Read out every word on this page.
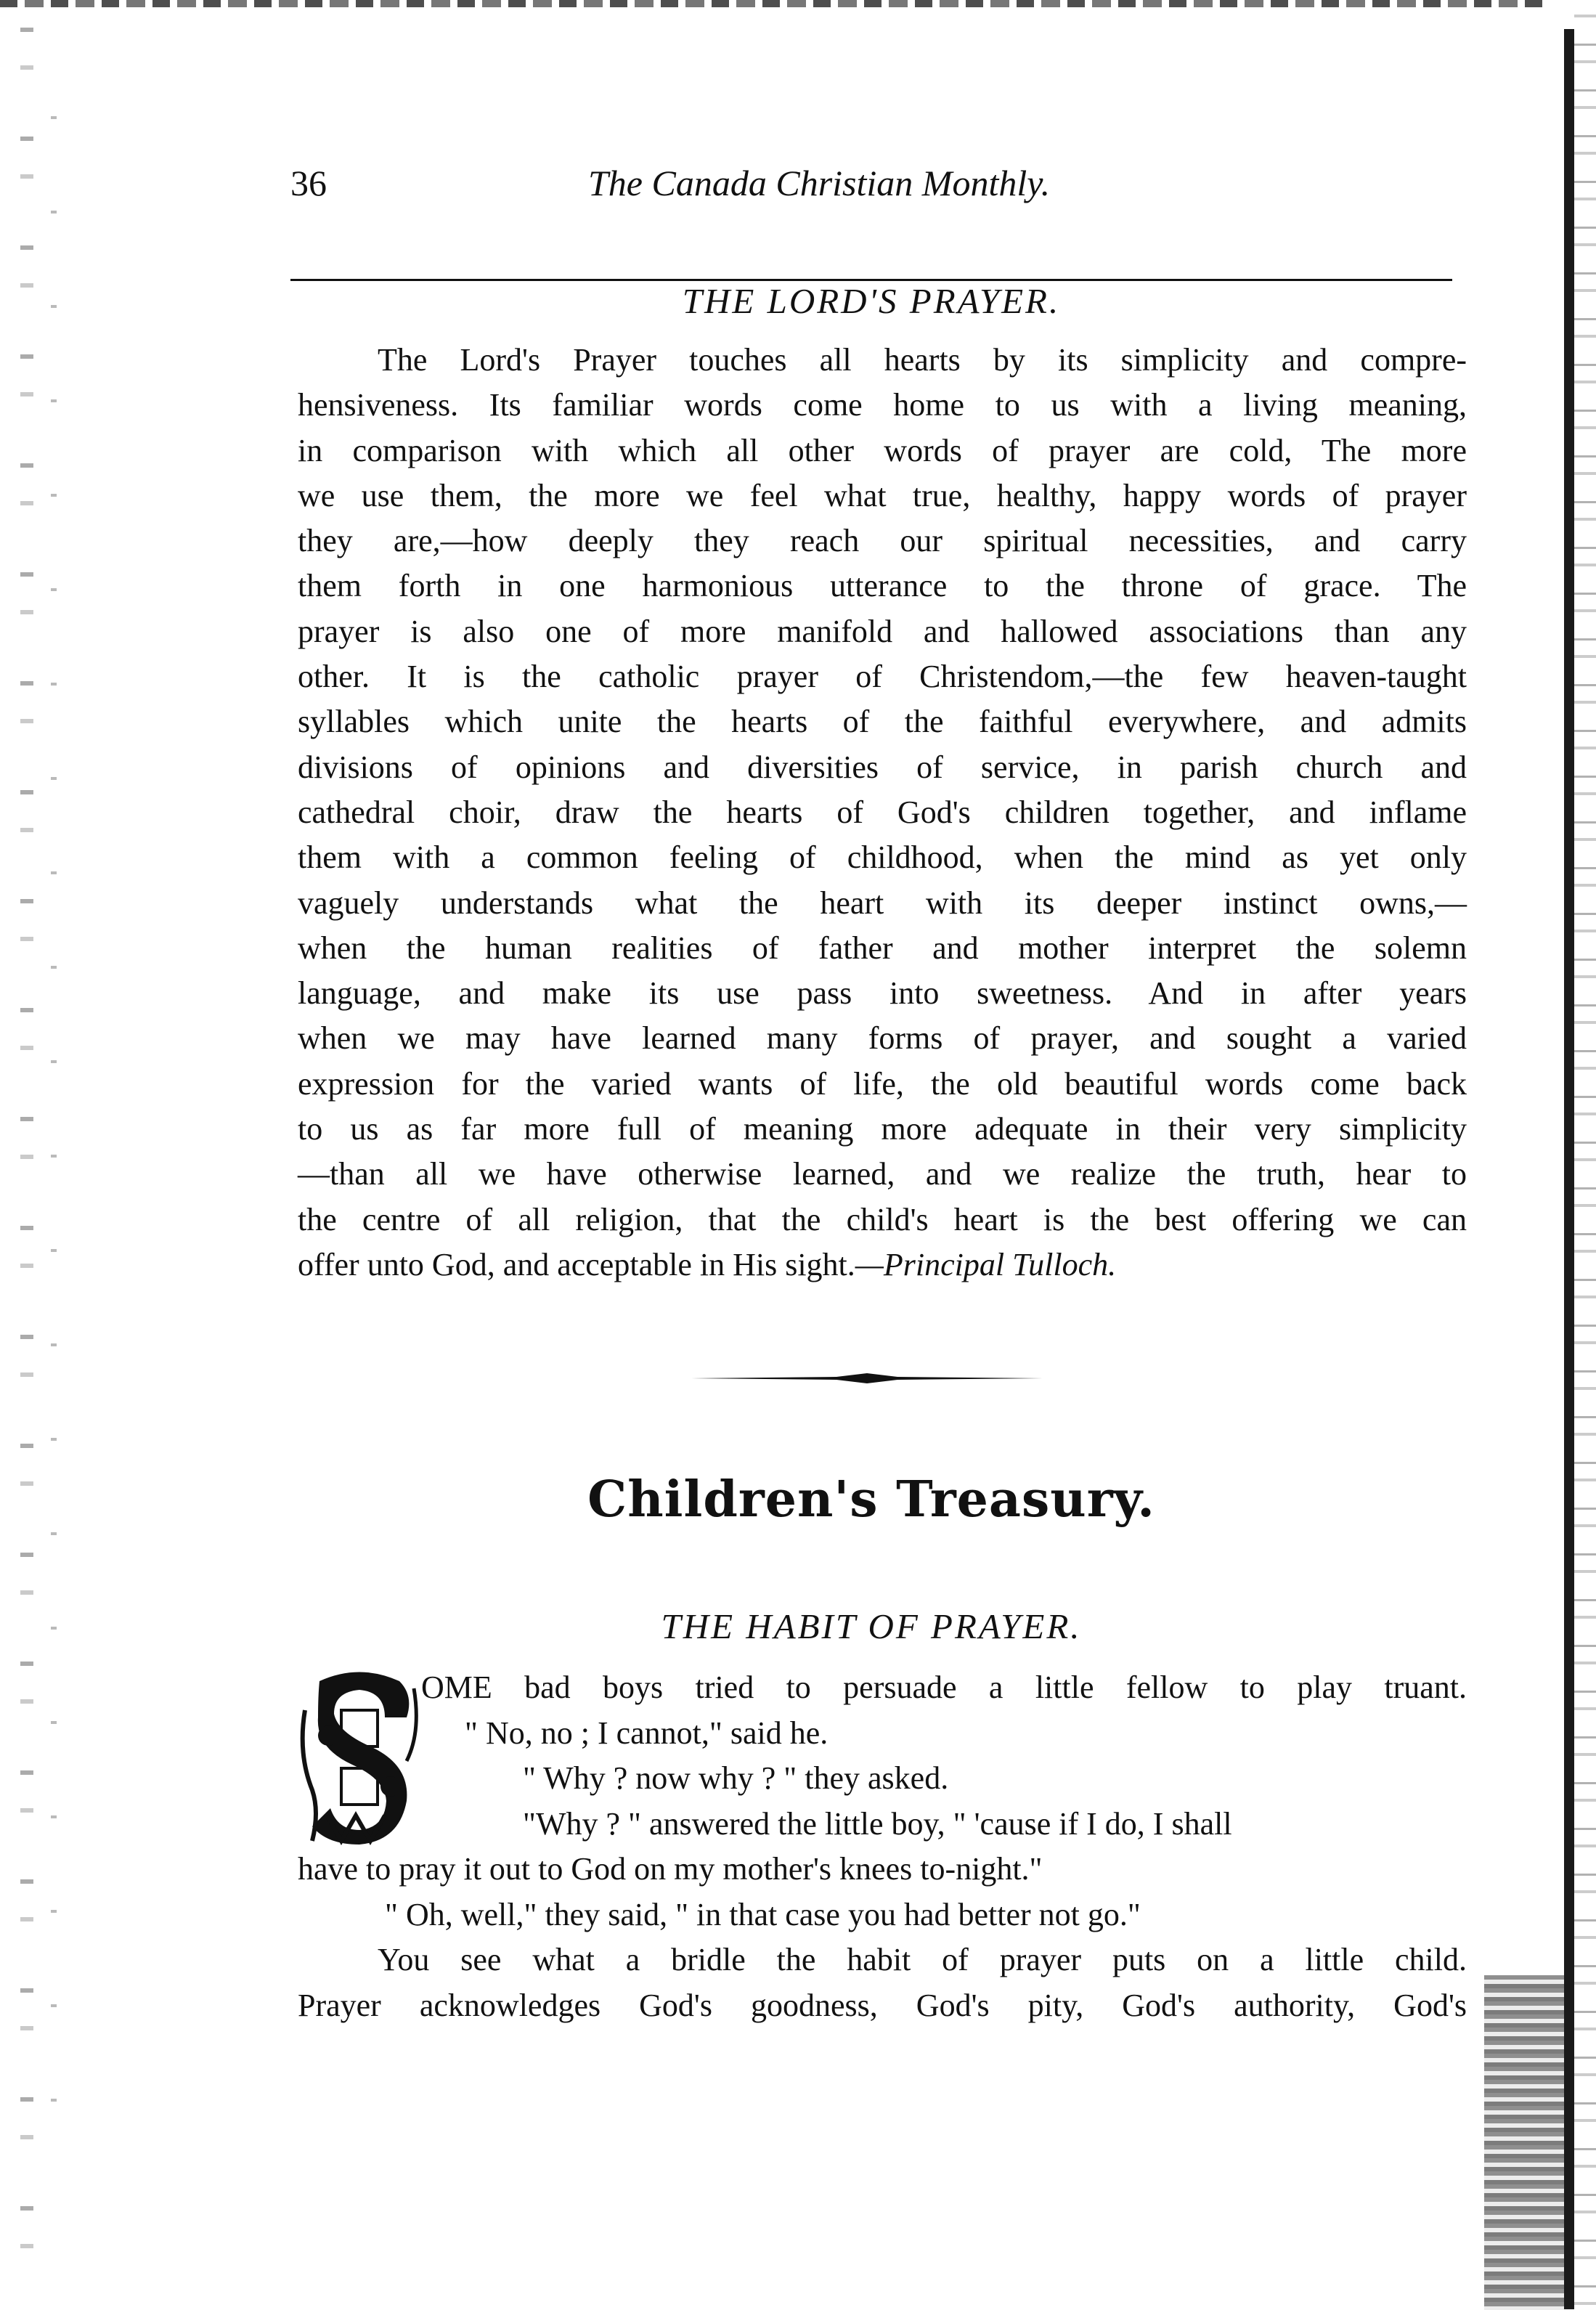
36	The Canada Christian Monthly.
THE LORD'S PRAYER.
The Lord's Prayer touches all hearts by its simplicity and compre-
hensiveness. Its familiar words come home to us with a living meaning,
in comparison with which all other words of prayer are cold, The more
we use them, the more we feel what true, healthy, happy words of prayer
they are,—how deeply they reach our spiritual necessities, and carry
them forth in one harmonious utterance to the throne of grace. The
prayer is also one of more manifold and hallowed associations than any
other. It is the catholic prayer of Christendom,—the few heaven-taught
syllables which unite the hearts of the faithful everywhere, and admits
divisions of opinions and diversities of service, in parish church and
cathedral choir, draw the hearts of God's children together, and inflame
them with a common feeling of childhood, when the mind as yet only
vaguely understands what the heart with its deeper instinct owns,—
when the human realities of father and mother interpret the solemn
language, and make its use pass into sweetness. And in after years
when we may have learned many forms of prayer, and sought a varied
expression for the varied wants of life, the old beautiful words come back
to us as far more full of meaning more adequate in their very simplicity
—than all we have otherwise learned, and we realize the truth, hear to
the centre of all religion, that the child's heart is the best offering we can
offer unto God, and acceptable in His sight.—Principal Tulloch.
Children's Treasury.
THE HABIT OF PRAYER.
OME bad boys tried to persuade a little fellow to play truant.
" No, no ; I cannot," said he.
" Why ? now why ? " they asked.
"Why ? " answered the little boy, " 'cause if I do, I shall
have to pray it out to God on my mother's knees to-night."
" Oh, well," they said, " in that case you had better not go."
You see what a bridle the habit of prayer puts on a little child.
Prayer acknowledges God's goodness, God's pity, God's authority, God's
